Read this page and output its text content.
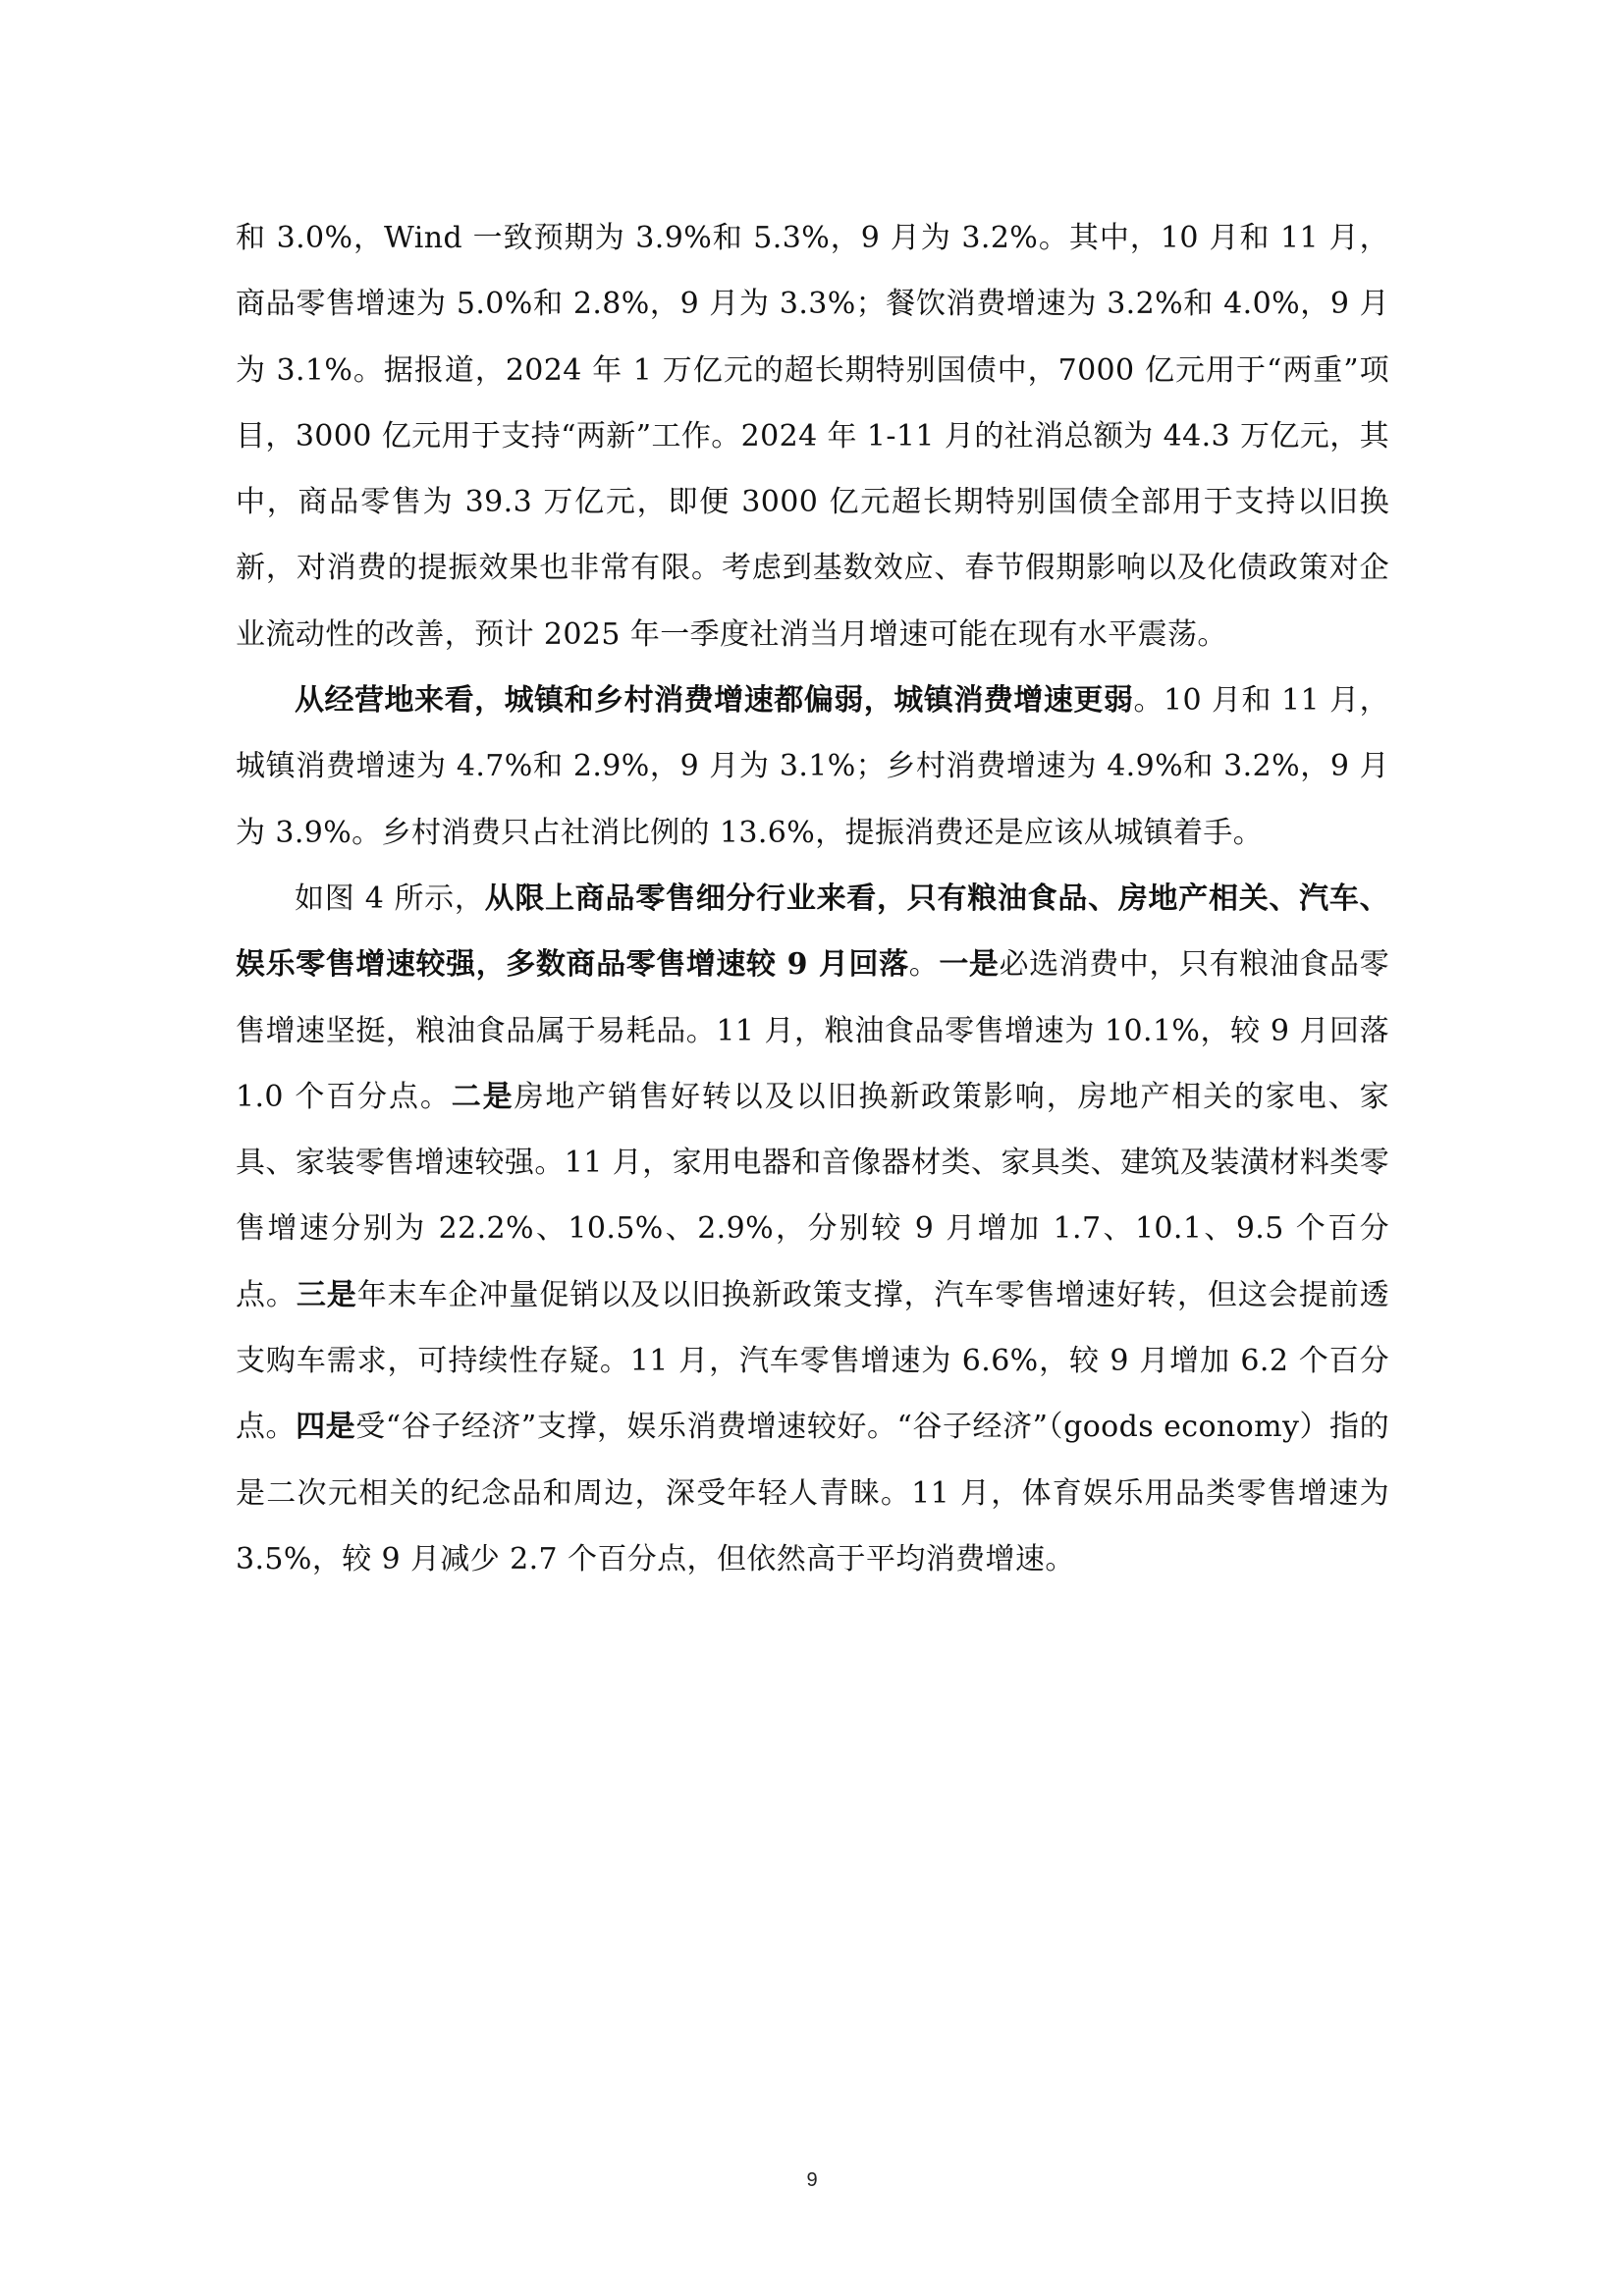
和 3.0%，Wind 一致预期为 3.9%和 5.3%，9 月为 3.2%。其中，10 月和 11 月，商品零售增速为 5.0%和 2.8%，9 月为 3.3%；餐饮消费增速为 3.2%和 4.0%，9 月为 3.1%。据报道，2024 年 1 万亿元的超长期特别国债中，7000 亿元用于“两重”项目，3000 亿元用于支持“两新”工作。2024 年 1-11 月的社消总额为 44.3 万亿元，其中，商品零售为 39.3 万亿元，即便 3000 亿元超长期特别国债全部用于支持以旧换新，对消费的提振效果也非常有限。考虑到基数效应、春节假期影响以及化债政策对企业流动性的改善，预计 2025 年一季度社消当月增速可能在现有水平震荡。

从经营地来看，城镇和乡村消费增速都偏弱，城镇消费增速更弱。10 月和 11 月，城镇消费增速为 4.7%和 2.9%，9 月为 3.1%；乡村消费增速为 4.9%和 3.2%，9 月为 3.9%。乡村消费只占社消比例的 13.6%，提振消费还是应该从城镇着手。

如图 4 所示，从限上商品零售细分行业来看，只有粮油食品、房地产相关、汽车、娱乐零售增速较强，多数商品零售增速较 9 月回落。一是必选消费中，只有粮油食品零售增速坚挺，粮油食品属于易耗品。11 月，粮油食品零售增速为 10.1%，较 9 月回落 1.0 个百分点。二是房地产销售好转以及以旧换新政策影响，房地产相关的家电、家具、家装零售增速较强。11 月，家用电器和音像器材类、家具类、建筑及装潢材料类零售增速分别为 22.2%、10.5%、2.9%，分别较 9 月增加 1.7、10.1、9.5 个百分点。三是年末车企冲量促销以及以旧换新政策支撑，汽车零售增速好转，但这会提前透支购车需求，可持续性存疑。11 月，汽车零售增速为 6.6%，较 9 月增加 6.2 个百分点。四是受“谷子经济”支撑，娱乐消费增速较好。“谷子经济”（goods economy）指的是二次元相关的纪念品和周边，深受年轻人青睐。11 月，体育娱乐用品类零售增速为 3.5%，较 9 月减少 2.7 个百分点，但依然高于平均消费增速。

9
